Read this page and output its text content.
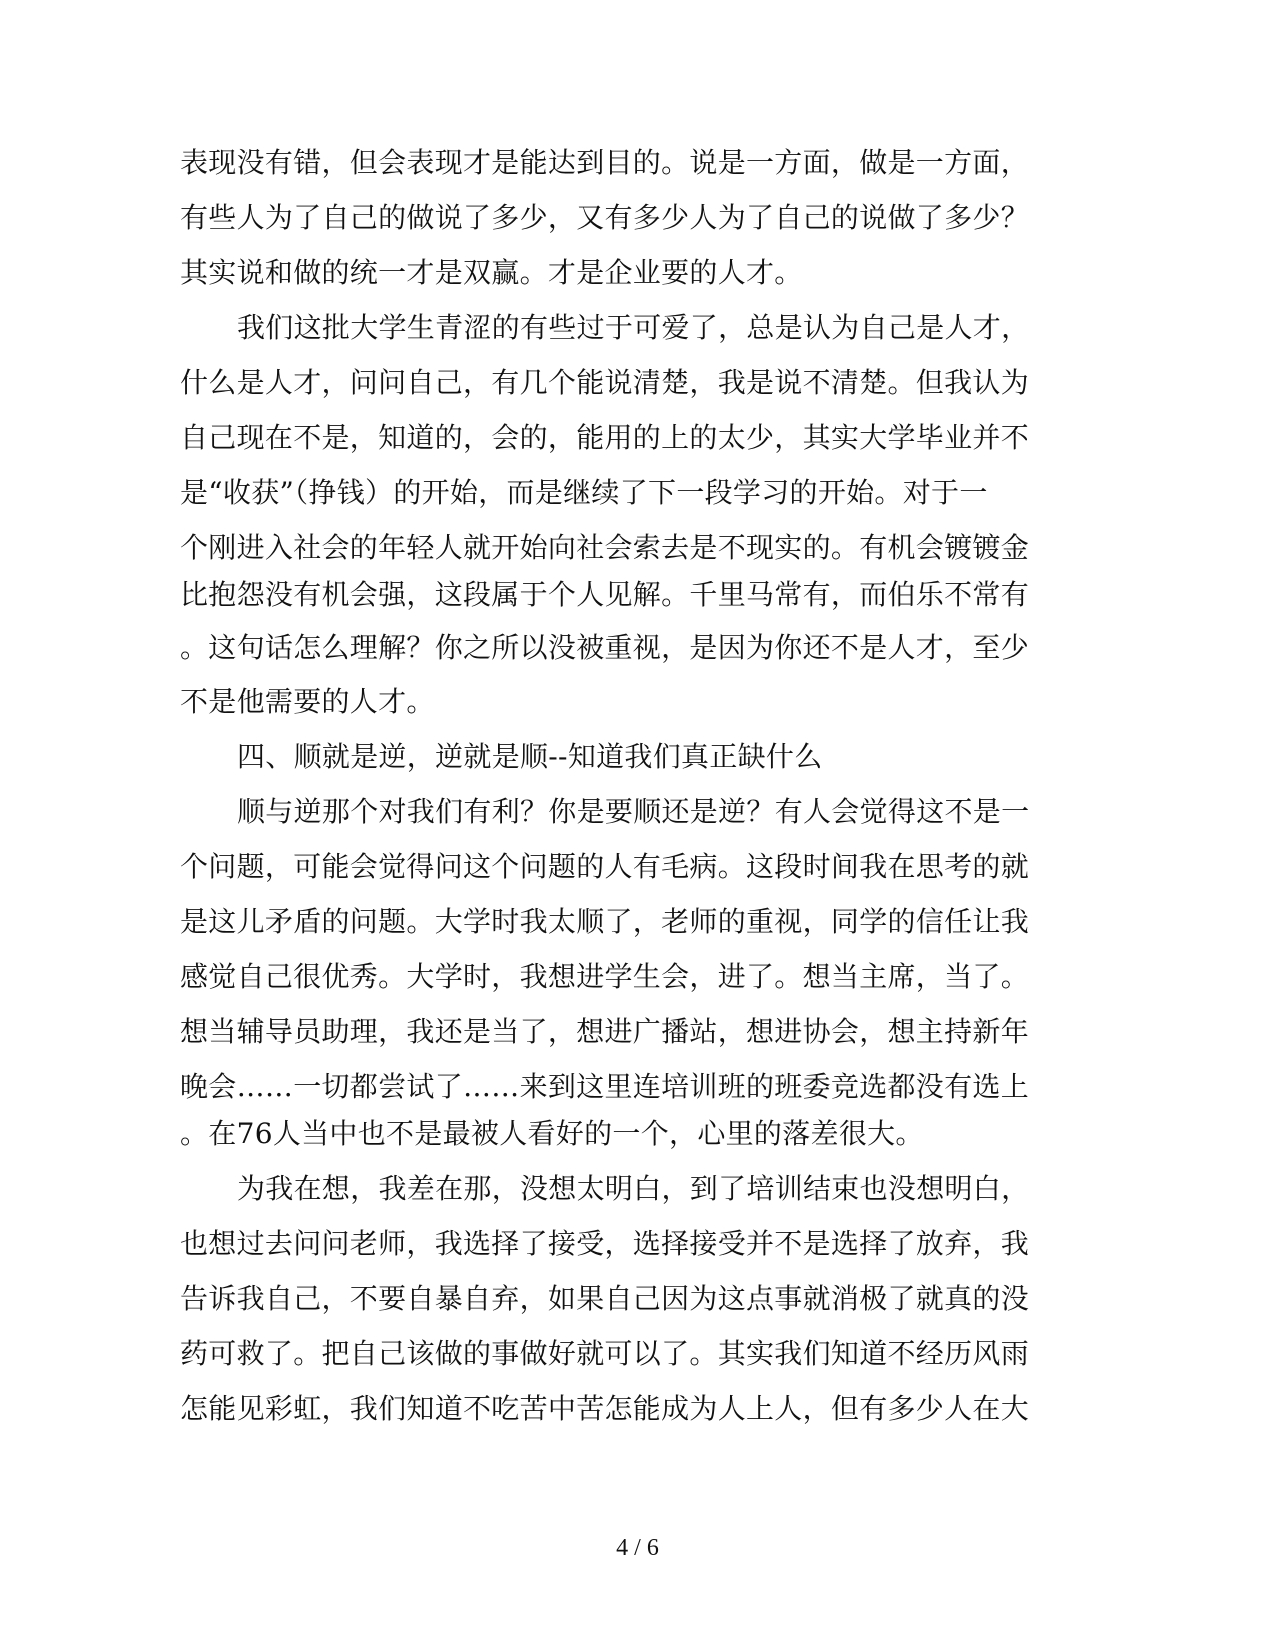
表现没有错，但会表现才是能达到目的。说是一方面，做是一方面，
有些人为了自己的做说了多少，又有多少人为了自己的说做了多少？
其实说和做的统一才是双赢。才是企业要的人才。
我们这批大学生青涩的有些过于可爱了，总是认为自己是人才，
什么是人才，问问自己，有几个能说清楚，我是说不清楚。但我认为
自己现在不是，知道的，会的，能用的上的太少，其实大学毕业并不
是“收获”（挣钱）的开始，而是继续了下一段学习的开始。对于一
个刚进入社会的年轻人就开始向社会索去是不现实的。有机会镀镀金
比抱怨没有机会强，这段属于个人见解。千里马常有，而伯乐不常有
。这句话怎么理解？你之所以没被重视，是因为你还不是人才，至少
不是他需要的人才。
四、顺就是逆，逆就是顺--知道我们真正缺什么
顺与逆那个对我们有利？你是要顺还是逆？有人会觉得这不是一
个问题，可能会觉得问这个问题的人有毛病。这段时间我在思考的就
是这儿矛盾的问题。大学时我太顺了，老师的重视，同学的信任让我
感觉自己很优秀。大学时，我想进学生会，进了。想当主席，当了。
想当辅导员助理，我还是当了，想进广播站，想进协会，想主持新年
晚会……一切都尝试了……来到这里连培训班的班委竞选都没有选上
。在76人当中也不是最被人看好的一个，心里的落差很大。
为我在想，我差在那，没想太明白，到了培训结束也没想明白，
也想过去问问老师，我选择了接受，选择接受并不是选择了放弃，我
告诉我自己，不要自暴自弃，如果自己因为这点事就消极了就真的没
药可救了。把自己该做的事做好就可以了。其实我们知道不经历风雨
怎能见彩虹，我们知道不吃苦中苦怎能成为人上人，但有多少人在大
4 / 6
